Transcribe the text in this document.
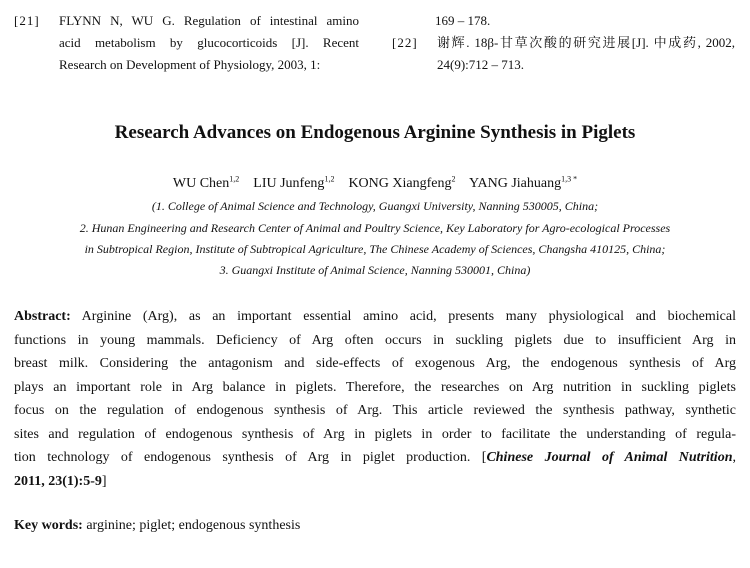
[21] FLYNN N, WU G. Regulation of intestinal amino
acid metabolism by glucocorticoids [J]. Recent
Research on Development of Physiology, 2003, 1:
169 – 178.
[22] 谢辉. 18β-甘草次酸的研究进展[J]. 中成药, 2002,
24(9):712 – 713.
Research Advances on Endogenous Arginine Synthesis in Piglets
WU Chen$^{1,2}$ LIU Junfeng$^{1,2}$ KONG Xiangfeng$^2$ YANG Jiahuang$^{1,3 *}$
(1. College of Animal Science and Technology, Guangxi University, Nanning 530005, China;
2. Hunan Engineering and Research Center of Animal and Poultry Science, Key Laboratory for Agro-ecological Processes
in Subtropical Region, Institute of Subtropical Agriculture, The Chinese Academy of Sciences, Changsha 410125, China;
3. Guangxi Institute of Animal Science, Nanning 530001, China)
Abstract: Arginine (Arg), as an important essential amino acid, presents many physiological and biochemical
functions in young mammals. Deficiency of Arg often occurs in suckling piglets due to insufficient Arg in
breast milk. Considering the antagonism and side-effects of exogenous Arg, the endogenous synthesis of Arg
plays an important role in Arg balance in piglets. Therefore, the researches on Arg nutrition in suckling piglets
focus on the regulation of endogenous synthesis of Arg. This article reviewed the synthesis pathway, synthetic
sites and regulation of endogenous synthesis of Arg in piglets in order to facilitate the understanding of regula-
tion technology of endogenous synthesis of Arg in piglet production. [Chinese Journal of Animal Nutrition,
2011, 23(1):5-9]
Key words: arginine; piglet; endogenous synthesis
